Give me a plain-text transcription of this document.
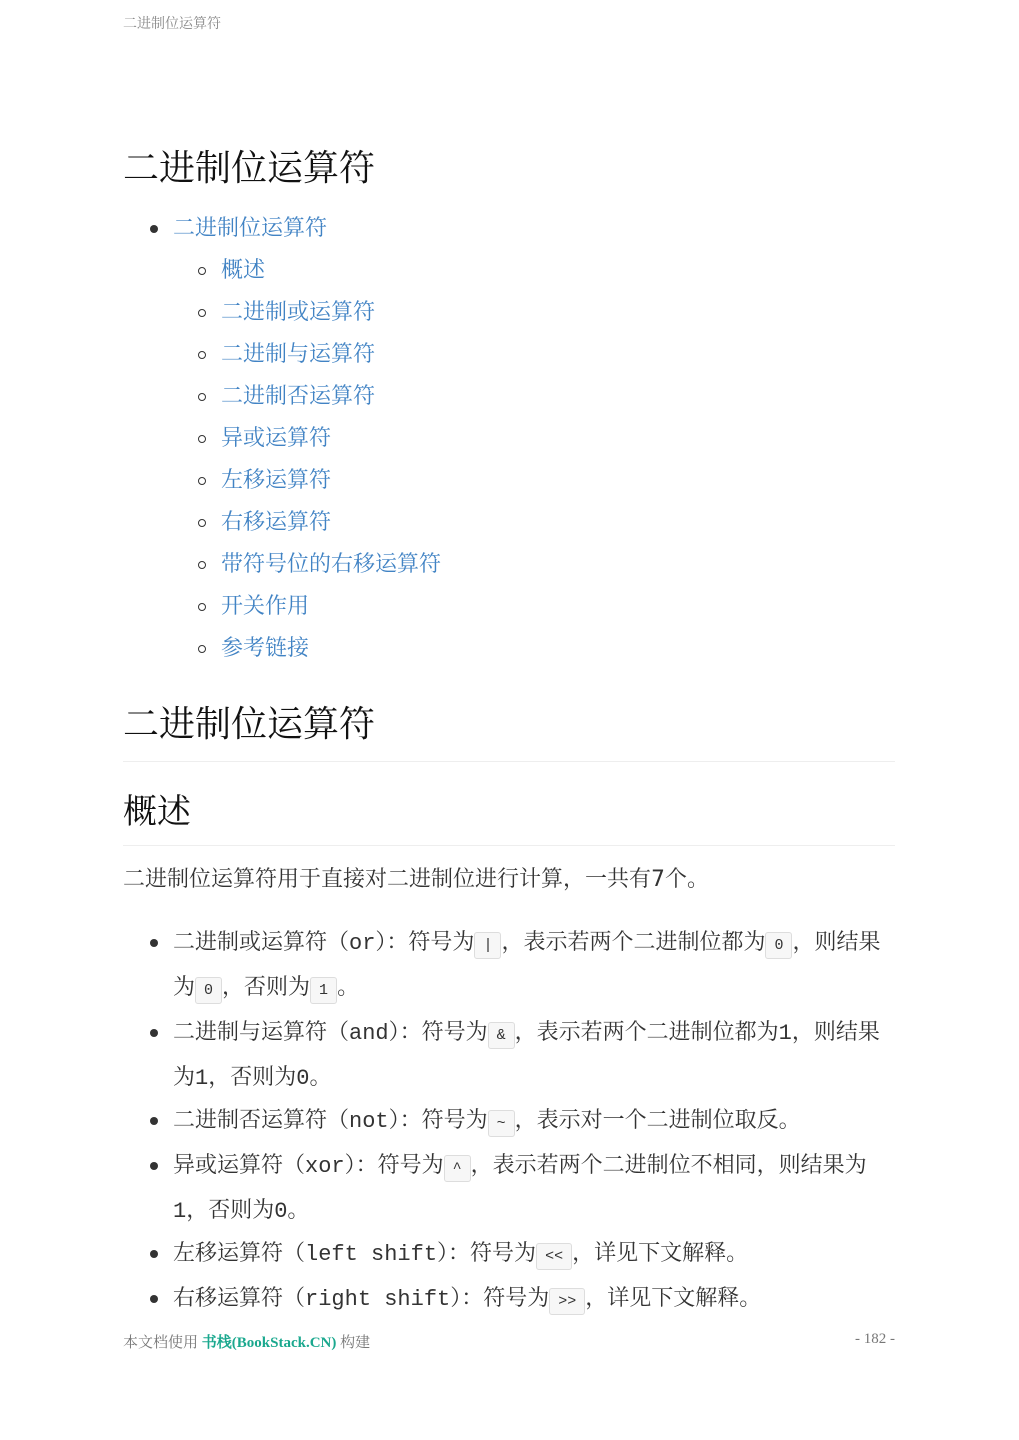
二进制位运算符
二进制位运算符
二进制位运算符
概述
二进制或运算符
二进制与运算符
二进制否运算符
异或运算符
左移运算符
右移运算符
带符号位的右移运算符
开关作用
参考链接
二进制位运算符
概述

二进制位运算符用于直接对二进制位进行计算，一共有7个。

二进制或运算符（or）：符号为 | ，表示若两个二进制位都为 0 ，则结果为 0 ，否则为 1 。
二进制与运算符（and）：符号为 & ，表示若两个二进制位都为1，则结果为1，否则为0。
二进制否运算符（not）：符号为 ~ ，表示对一个二进制位取反。
异或运算符（xor）：符号为 ^ ，表示若两个二进制位不相同，则结果为1，否则为0。
左移运算符（left shift）：符号为 << ，详见下文解释。
右移运算符（right shift）：符号为 >> ，详见下文解释。
本文档使用 书栈(BookStack.CN) 构建	- 182 -
